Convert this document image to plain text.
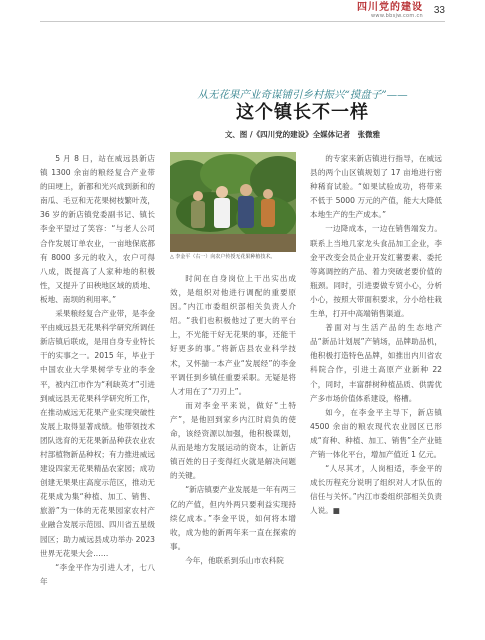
四川党的建设
www.bbsjw.com.cn 33
从无花果产业奇谋铺引乡村振兴“摸盘子”——
这个镇长不一样
文、图 /《四川党的建设》全媒体记者　张微雅
△ 李金平（右一）向农户传授无花果种植技术。

5 月 8 日，站在威远县新店镇 1300 余亩的粮经复合产业带的田埂上，新都和光兴成到新和的南瓜、毛豆和无花果树枝繁叶茂，36 岁的新店镇党委副书记、镇长李金平望过了笑容：“与老人公司合作发展订单农业，一亩地保底都有 8000 多元的收入，农户可得八成，既提高了人家种地的积极性，又提升了田秧地区域的质地、板地、南坝的利用率。”

采果粮经复合产业带，是李金平由威远县无花果科学研究所调任新店镇后联成，是用自身专业特长干的实事之一。2015 年，毕业于中国农业大学果树学专业的李金平，被内江市作为“利缺英才”引进到威远县无花果科学研究所工作，在推动威远无花果产业实现突破性发展上取得显著成绩。他带领技术团队选育的无花果新品种获农业农村部植物新品种权；有力推进威远建设四家无花果精品农家园；成功创建无果果庄高度示范区，推动无花果成为集“种植、加工、销售、旅游”为一体的无花果园家农村产业融合发展示范园、四川省五星级园区；助力威远县成功举办 2023 世界无花果大会……

“李金平作为引进人才，七八年

时间在自身岗位上干出实出成效，是组织对他进行调配的重要原因。”内江市委组织部相关负责人介绍。“我们也积极他过了更大的平台上，不光能干好无花果的事，还能干好更多的事。”将新店县农业科学技术，又怀揣一本产业“发展经”的李金平调任到乡镇任重要采职。无疑是将人才用在了“刀刃上”。

而对李金平来说，做好“土特产”，是他回到家乡内江时肩负的使命，该经资源以加强，他积极谋划，从而是地方发展运动的资本，让新店镇百姓的日子变得红火就是解决问题的关键。

“新店镇要产业发展是一年有两三亿的产值，但内外两只要利益实现持续亿成本。”李金平说，如何将本增收，成为他的新两年来一直在探索的事。

今年，他联系到乐山市农科院

的专家来新店镇进行指导，在威远县的两个山区镇规划了 17 亩地进行密种稀育试验。“如果试验成功，将带来不低于 5000 万元的产值，能大大降低本地生产的生产成本。”

一边降成本，一边在销售端发力。联系上当地几家龙头食品加工企业，李金平改变会员企业开发红薯要素、委托等离调控的产品、着力突破老要价值的瓶颈。同时，引进要做专贸小心，分析小心，按照大带面积要求，分小给柱栽生单，打开中高端销售渠道。

普面对与生活产品的生态地产品“新品计划展”产销场，品牌助品机，他积极打造特色品牌，如推出内川省农科院合作，引进土高原产业新种 22 个，同时，丰富群树种植品质、供需优产多市场价值体系建设，格槽。

如今，在李金平主导下，新店镇 4500 余亩的粮农现代农业园区已形成“育种、种植、加工、销售”全产业链产销一体化平台，增加产值近 1 亿元。

“人尽其才，人岗相适，李金平的成长历程充分说明了组织对人才队伍的信任与关怀。”内江市委组织部相关负责人说。■
